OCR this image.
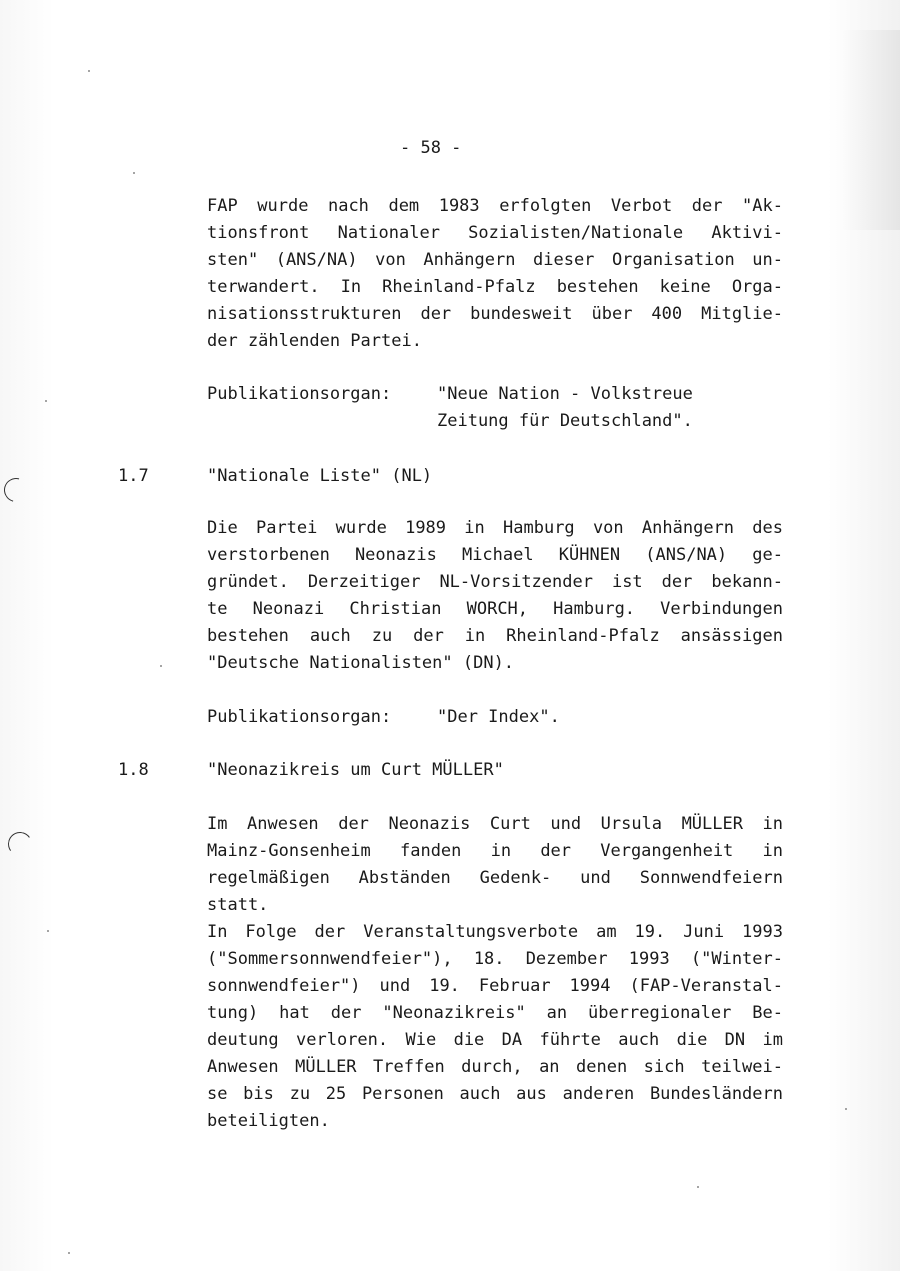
- 58 -
FAP wurde nach dem 1983 erfolgten Verbot der "Ak-
tionsfront Nationaler Sozialisten/Nationale Aktivi-
sten" (ANS/NA) von Anhängern dieser Organisation un-
terwandert. In Rheinland-Pfalz bestehen keine Orga-
nisationsstrukturen der bundesweit über 400 Mitglie-
der zählenden Partei.
Publikationsorgan:	"Neue Nation - Volkstreue
Zeitung für Deutschland".
1.7	"Nationale Liste" (NL)
Die Partei wurde 1989 in Hamburg von Anhängern des
verstorbenen Neonazis Michael KÜHNEN (ANS/NA) ge-
gründet. Derzeitiger NL-Vorsitzender ist der bekann-
te Neonazi Christian WORCH, Hamburg. Verbindungen
bestehen auch zu der in Rheinland-Pfalz ansässigen
"Deutsche Nationalisten" (DN).
Publikationsorgan:	"Der Index".
1.8	"Neonazikreis um Curt MÜLLER"
Im Anwesen der Neonazis Curt und Ursula MÜLLER in
Mainz-Gonsenheim fanden in der Vergangenheit in
regelmäßigen Abständen Gedenk- und Sonnwendfeiern
statt.
In Folge der Veranstaltungsverbote am 19. Juni 1993
("Sommersonnwendfeier"), 18. Dezember 1993 ("Winter-
sonnwendfeier") und 19. Februar 1994 (FAP-Veranstal-
tung) hat der "Neonazikreis" an überregionaler Be-
deutung verloren. Wie die DA führte auch die DN im
Anwesen MÜLLER Treffen durch, an denen sich teilwei-
se bis zu 25 Personen auch aus anderen Bundesländern
beteiligten.
